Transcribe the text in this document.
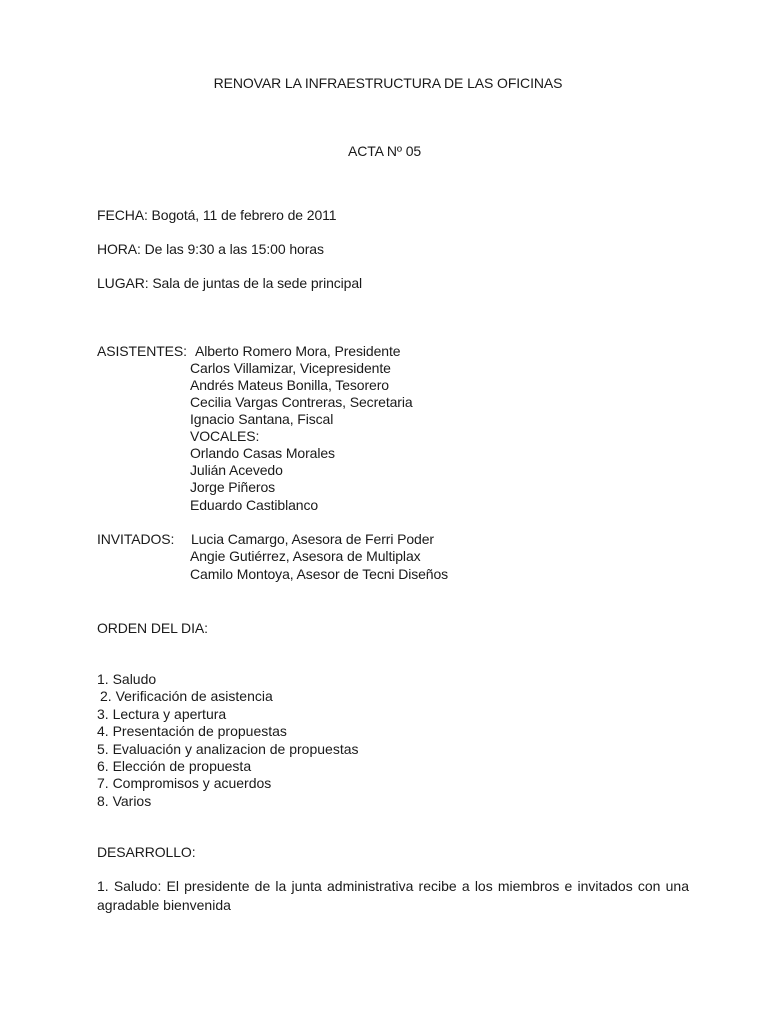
RENOVAR LA INFRAESTRUCTURA DE LAS OFICINAS
ACTA Nº 05
FECHA: Bogotá, 11 de febrero de 2011
HORA: De las 9:30 a las 15:00 horas
LUGAR: Sala de juntas de la sede principal
ASISTENTES: Alberto Romero Mora, Presidente
Carlos Villamizar, Vicepresidente
Andrés Mateus Bonilla, Tesorero
Cecilia Vargas Contreras, Secretaria
Ignacio Santana, Fiscal
VOCALES:
Orlando Casas Morales
Julián Acevedo
Jorge Piñeros
Eduardo Castiblanco
INVITADOS: Lucia Camargo, Asesora de Ferri Poder
Angie Gutiérrez, Asesora de Multiplax
Camilo Montoya, Asesor de Tecni Diseños
ORDEN DEL DIA:
1. Saludo
2. Verificación de asistencia
3. Lectura y apertura
4. Presentación de propuestas
5. Evaluación y analizacion de propuestas
6. Elección de propuesta
7. Compromisos y acuerdos
8. Varios
DESARROLLO:
1. Saludo: El presidente de la junta administrativa recibe a los miembros e invitados con una agradable bienvenida
